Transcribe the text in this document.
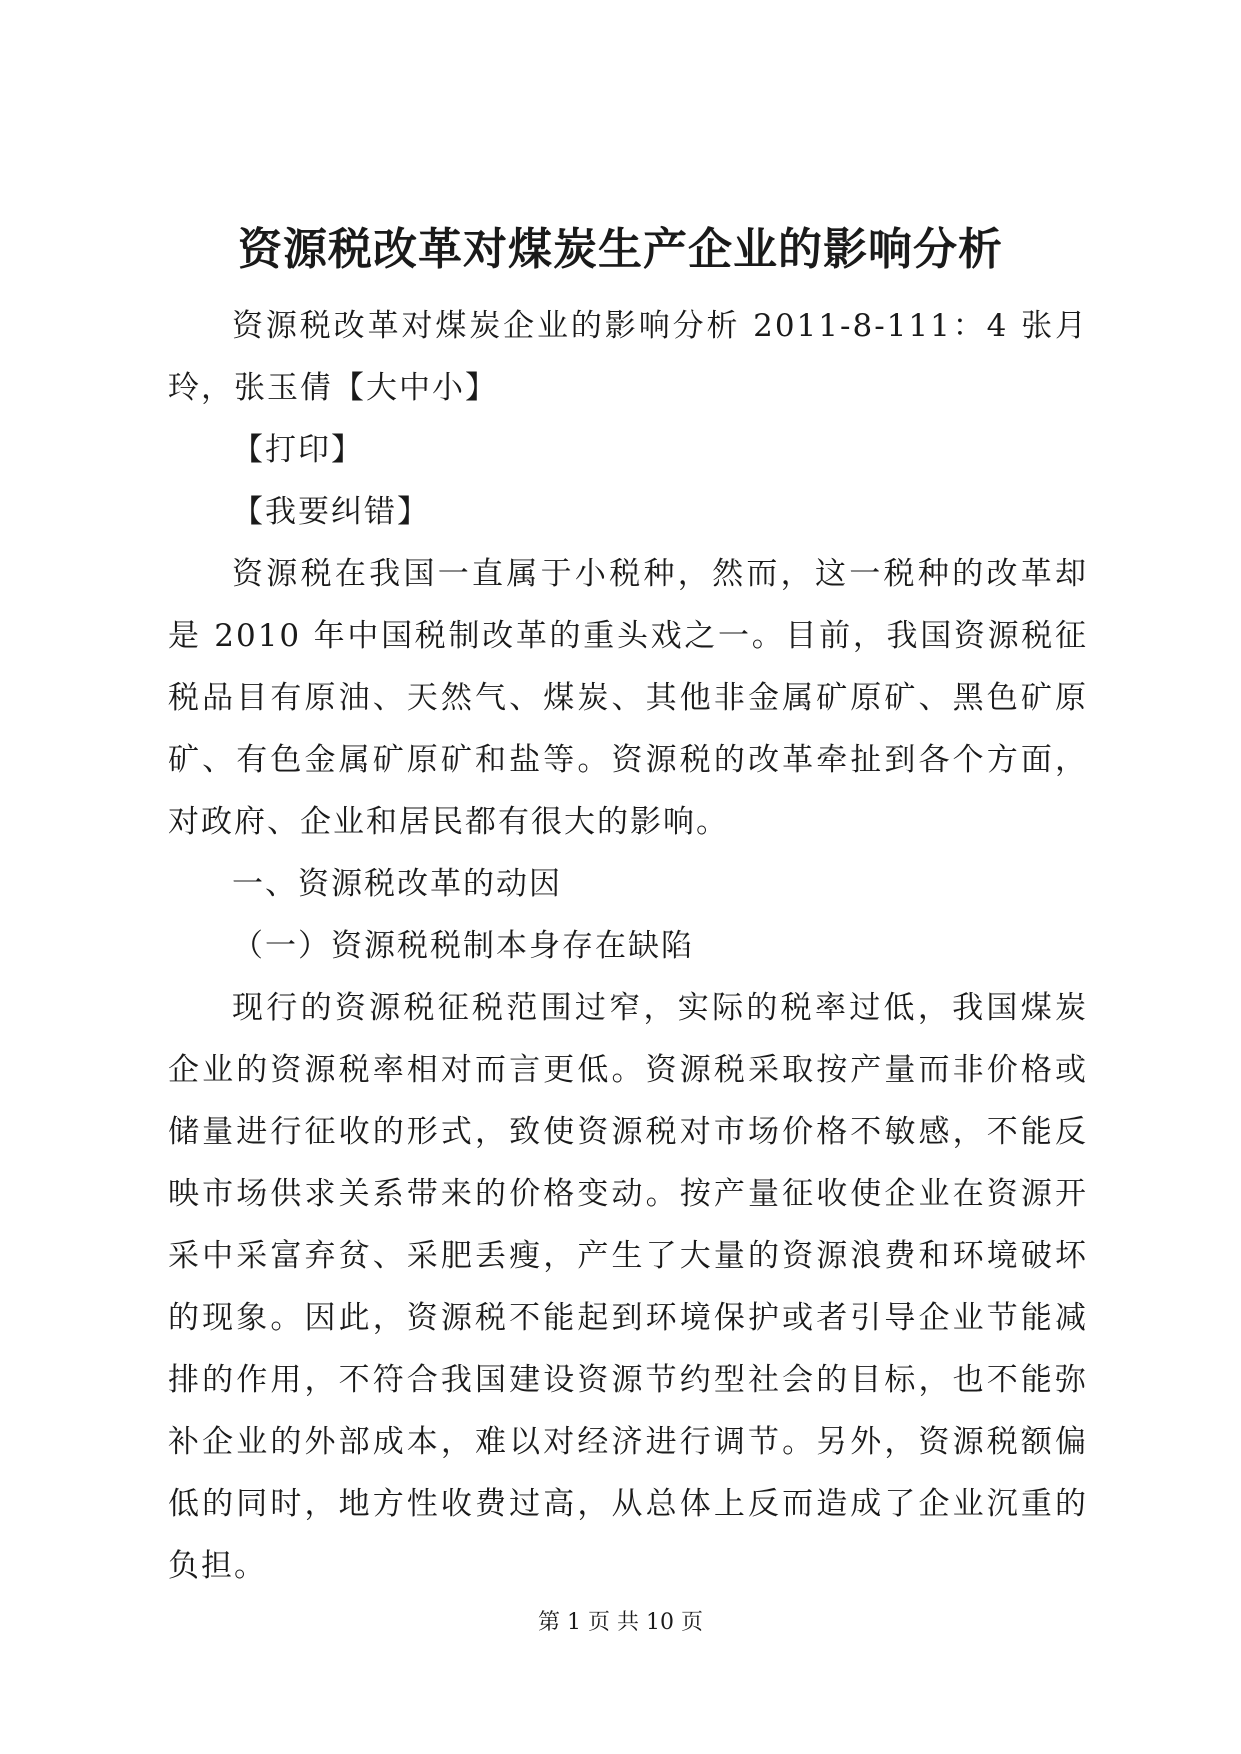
资源税改革对煤炭生产企业的影响分析

资源税改革对煤炭企业的影响分析 2011-8-111：4 张月玲，张玉倩【大中小】

【打印】

【我要纠错】

资源税在我国一直属于小税种，然而，这一税种的改革却是 2010 年中国税制改革的重头戏之一。目前，我国资源税征税品目有原油、天然气、煤炭、其他非金属矿原矿、黑色矿原矿、有色金属矿原矿和盐等。资源税的改革牵扯到各个方面，对政府、企业和居民都有很大的影响。

一、资源税改革的动因

（一）资源税税制本身存在缺陷

现行的资源税征税范围过窄，实际的税率过低，我国煤炭企业的资源税率相对而言更低。资源税采取按产量而非价格或储量进行征收的形式，致使资源税对市场价格不敏感，不能反映市场供求关系带来的价格变动。按产量征收使企业在资源开采中采富弃贫、采肥丢瘦，产生了大量的资源浪费和环境破坏的现象。因此，资源税不能起到环境保护或者引导企业节能减排的作用，不符合我国建设资源节约型社会的目标，也不能弥补企业的外部成本，难以对经济进行调节。另外，资源税额偏低的同时，地方性收费过高，从总体上反而造成了企业沉重的负担。

第 1 页 共 10 页
